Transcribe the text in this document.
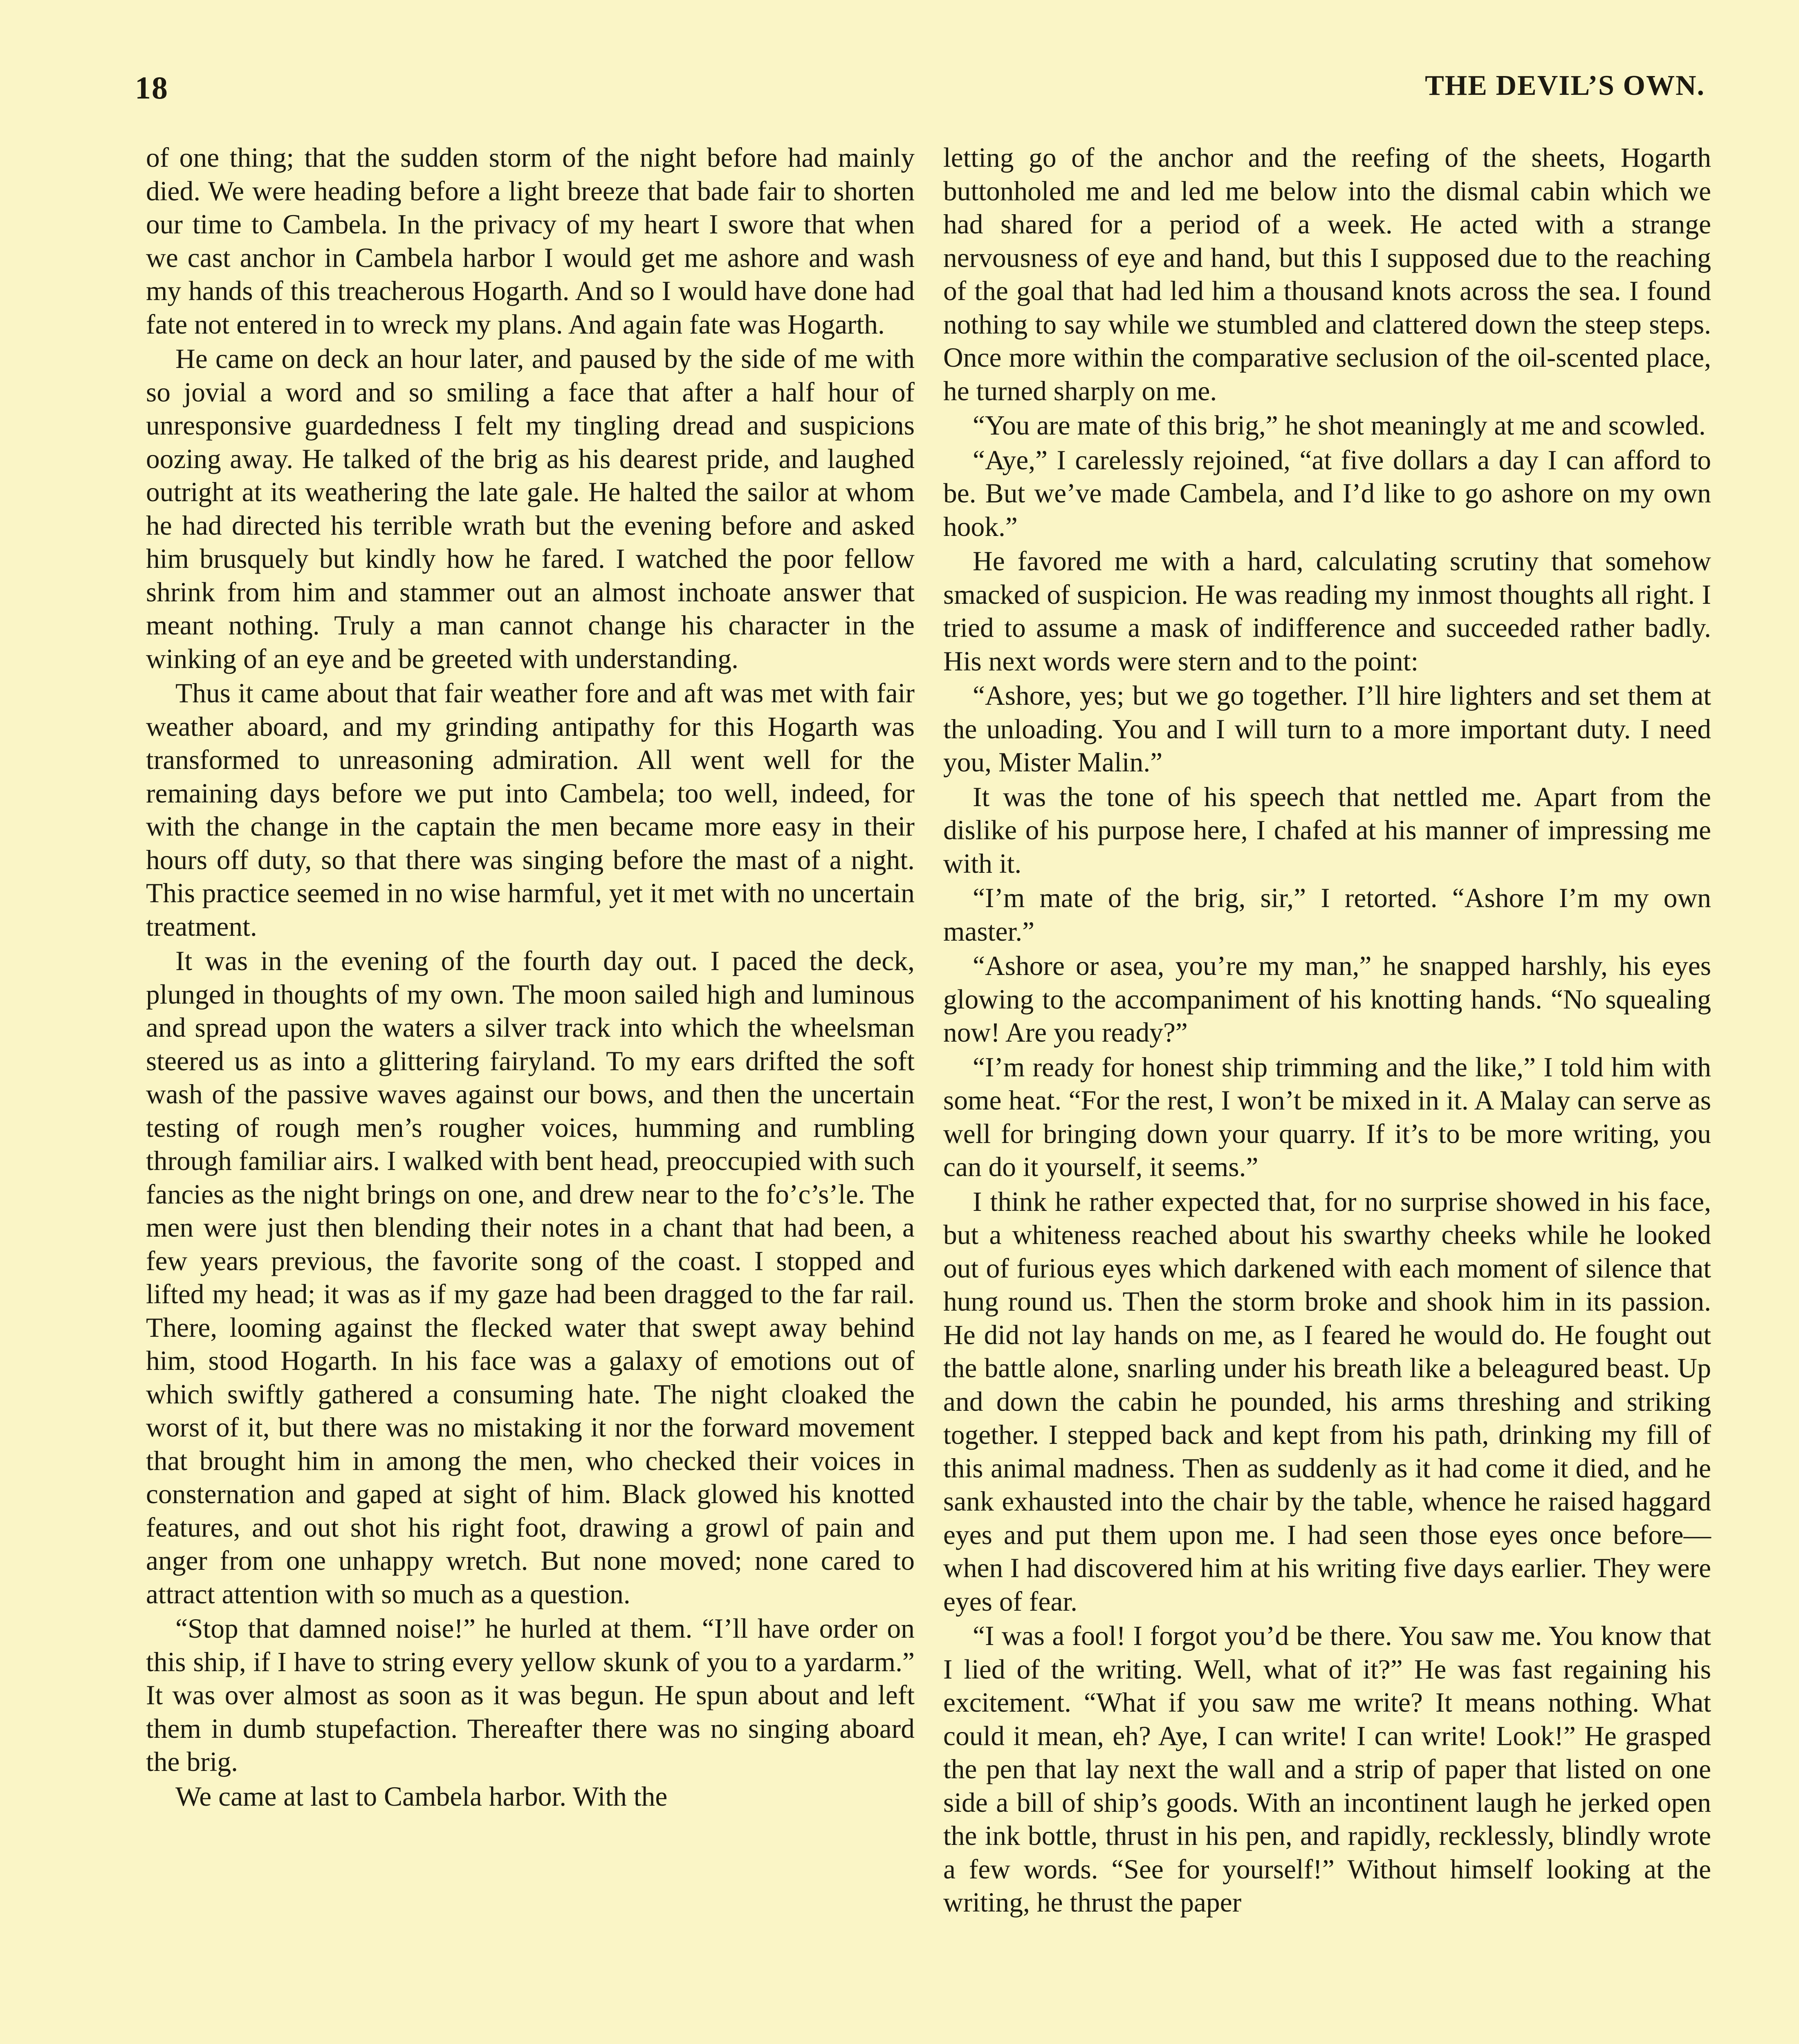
18	THE DEVIL’S OWN.

of one thing; that the sudden storm of the night before had mainly died. We were heading before a light breeze that bade fair to shorten our time to Cambela. In the privacy of my heart I swore that when we cast anchor in Cambela harbor I would get me ashore and wash my hands of this treacherous Hogarth. And so I would have done had fate not entered in to wreck my plans. And again fate was Hogarth.

He came on deck an hour later, and paused by the side of me with so jovial a word and so smiling a face that after a half hour of unresponsive guardedness I felt my tingling dread and suspicions oozing away. He talked of the brig as his dearest pride, and laughed outright at its weathering the late gale. He halted the sailor at whom he had directed his terrible wrath but the evening before and asked him brusquely but kindly how he fared. I watched the poor fellow shrink from him and stammer out an almost inchoate answer that meant nothing. Truly a man cannot change his character in the winking of an eye and be greeted with understanding.

Thus it came about that fair weather fore and aft was met with fair weather aboard, and my grinding antipathy for this Hogarth was transformed to unreasoning admiration. All went well for the remaining days before we put into Cambela; too well, indeed, for with the change in the captain the men became more easy in their hours off duty, so that there was singing before the mast of a night. This practice seemed in no wise harmful, yet it met with no uncertain treatment.

It was in the evening of the fourth day out. I paced the deck, plunged in thoughts of my own. The moon sailed high and luminous and spread upon the waters a silver track into which the wheelsman steered us as into a glittering fairyland. To my ears drifted the soft wash of the passive waves against our bows, and then the uncertain testing of rough men’s rougher voices, humming and rumbling through familiar airs. I walked with bent head, preoccupied with such fancies as the night brings on one, and drew near to the fo’c’s’le. The men were just then blending their notes in a chant that had been, a few years previous, the favorite song of the coast. I stopped and lifted my head; it was as if my gaze had been dragged to the far rail. There, looming against the flecked water that swept away behind him, stood Hogarth. In his face was a galaxy of emotions out of which swiftly gathered a consuming hate. The night cloaked the worst of it, but there was no mistaking it nor the forward movement that brought him in among the men, who checked their voices in consternation and gaped at sight of him. Black glowed his knotted features, and out shot his right foot, drawing a growl of pain and anger from one unhappy wretch. But none moved; none cared to attract attention with so much as a question.

“Stop that damned noise!” he hurled at them. “I’ll have order on this ship, if I have to string every yellow skunk of you to a yardarm.” It was over almost as soon as it was begun. He spun about and left them in dumb stupefaction. Thereafter there was no singing aboard the brig.

We came at last to Cambela harbor. With the

letting go of the anchor and the reefing of the sheets, Hogarth buttonholed me and led me below into the dismal cabin which we had shared for a period of a week. He acted with a strange nervousness of eye and hand, but this I supposed due to the reaching of the goal that had led him a thousand knots across the sea. I found nothing to say while we stumbled and clattered down the steep steps. Once more within the comparative seclusion of the oil-scented place, he turned sharply on me.

“You are mate of this brig,” he shot meaningly at me and scowled.

“Aye,” I carelessly rejoined, “at five dollars a day I can afford to be. But we’ve made Cambela, and I’d like to go ashore on my own hook.”

He favored me with a hard, calculating scrutiny that somehow smacked of suspicion. He was reading my inmost thoughts all right. I tried to assume a mask of indifference and succeeded rather badly. His next words were stern and to the point:

“Ashore, yes; but we go together. I’ll hire lighters and set them at the unloading. You and I will turn to a more important duty. I need you, Mister Malin.”

It was the tone of his speech that nettled me. Apart from the dislike of his purpose here, I chafed at his manner of impressing me with it.

“I’m mate of the brig, sir,” I retorted. “Ashore I’m my own master.”

“Ashore or asea, you’re my man,” he snapped harshly, his eyes glowing to the accompaniment of his knotting hands. “No squealing now! Are you ready?”

“I’m ready for honest ship trimming and the like,” I told him with some heat. “For the rest, I won’t be mixed in it. A Malay can serve as well for bringing down your quarry. If it’s to be more writing, you can do it yourself, it seems.”

I think he rather expected that, for no surprise showed in his face, but a whiteness reached about his swarthy cheeks while he looked out of furious eyes which darkened with each moment of silence that hung round us. Then the storm broke and shook him in its passion. He did not lay hands on me, as I feared he would do. He fought out the battle alone, snarling under his breath like a beleagured beast. Up and down the cabin he pounded, his arms threshing and striking together. I stepped back and kept from his path, drinking my fill of this animal madness. Then as suddenly as it had come it died, and he sank exhausted into the chair by the table, whence he raised haggard eyes and put them upon me. I had seen those eyes once before—when I had discovered him at his writing five days earlier. They were eyes of fear.

“I was a fool! I forgot you’d be there. You saw me. You know that I lied of the writing. Well, what of it?” He was fast regaining his excitement. “What if you saw me write? It means nothing. What could it mean, eh? Aye, I can write! I can write! Look!” He grasped the pen that lay next the wall and a strip of paper that listed on one side a bill of ship’s goods. With an incontinent laugh he jerked open the ink bottle, thrust in his pen, and rapidly, recklessly, blindly wrote a few words. “See for yourself!” Without himself looking at the writing, he thrust the paper
